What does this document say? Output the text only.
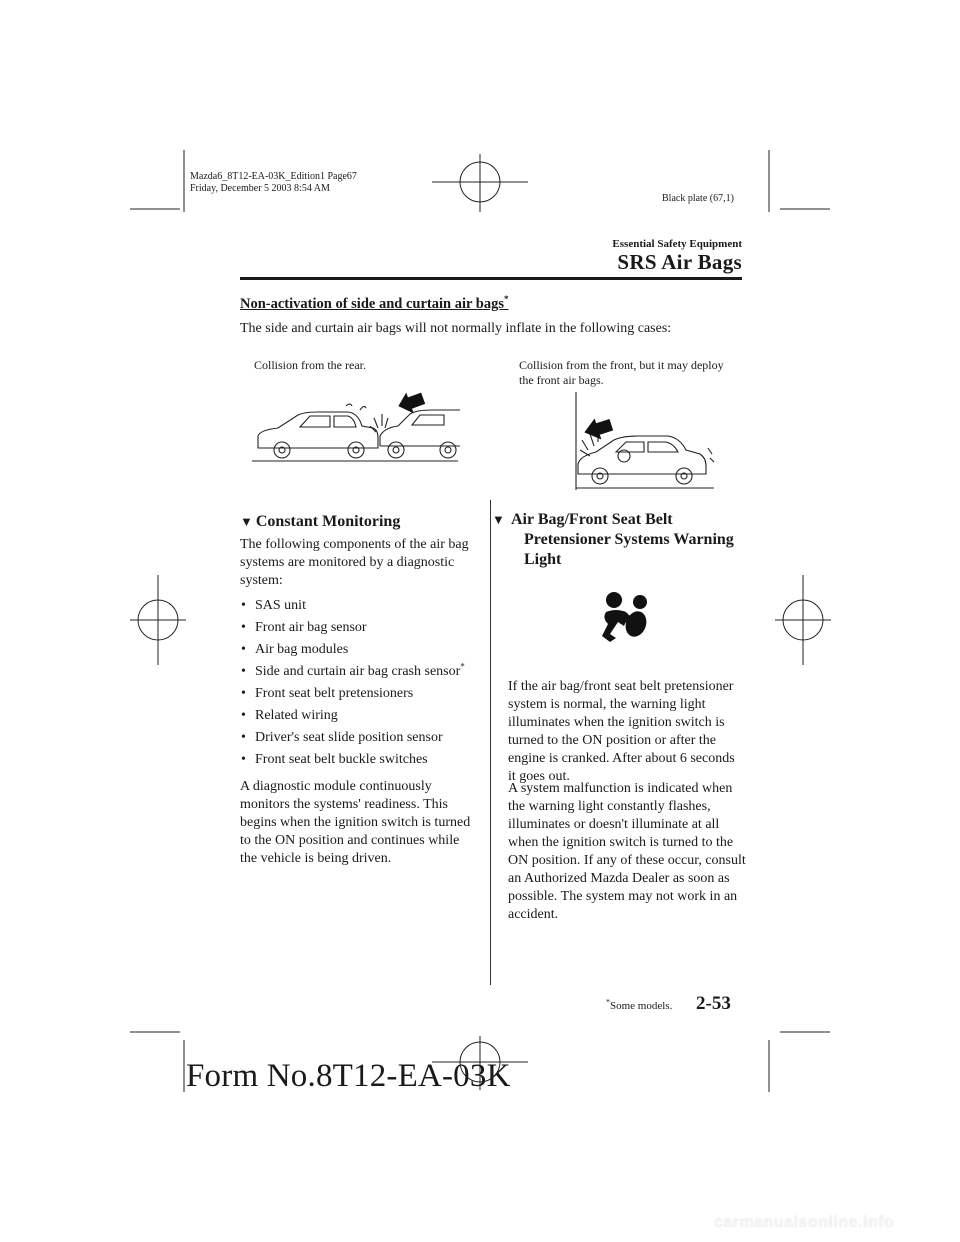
Mazda6_8T12-EA-03K_Edition1 Page67
Friday, December 5 2003 8:54 AM
Black plate (67,1)
Essential Safety Equipment
SRS Air Bags
Non-activation of side and curtain air bags*
The side and curtain air bags will not normally inflate in the following cases:
Collision from the rear.	Collision from the front, but it may deploy the front air bags.
▼ Constant Monitoring
The following components of the air bag systems are monitored by a diagnostic system:
• SAS unit
• Front air bag sensor
• Air bag modules
• Side and curtain air bag crash sensor*
• Front seat belt pretensioners
• Related wiring
• Driver's seat slide position sensor
• Front seat belt buckle switches
A diagnostic module continuously monitors the systems' readiness. This begins when the ignition switch is turned to the ON position and continues while the vehicle is being driven.
▼ Air Bag/Front Seat Belt Pretensioner Systems Warning Light
If the air bag/front seat belt pretensioner system is normal, the warning light illuminates when the ignition switch is turned to the ON position or after the engine is cranked. After about 6 seconds it goes out.
A system malfunction is indicated when the warning light constantly flashes, illuminates or doesn't illuminate at all when the ignition switch is turned to the ON position. If any of these occur, consult an Authorized Mazda Dealer as soon as possible. The system may not work in an accident.
*Some models. 2-53
Form No.8T12-EA-03K
carmanualsonline.info
